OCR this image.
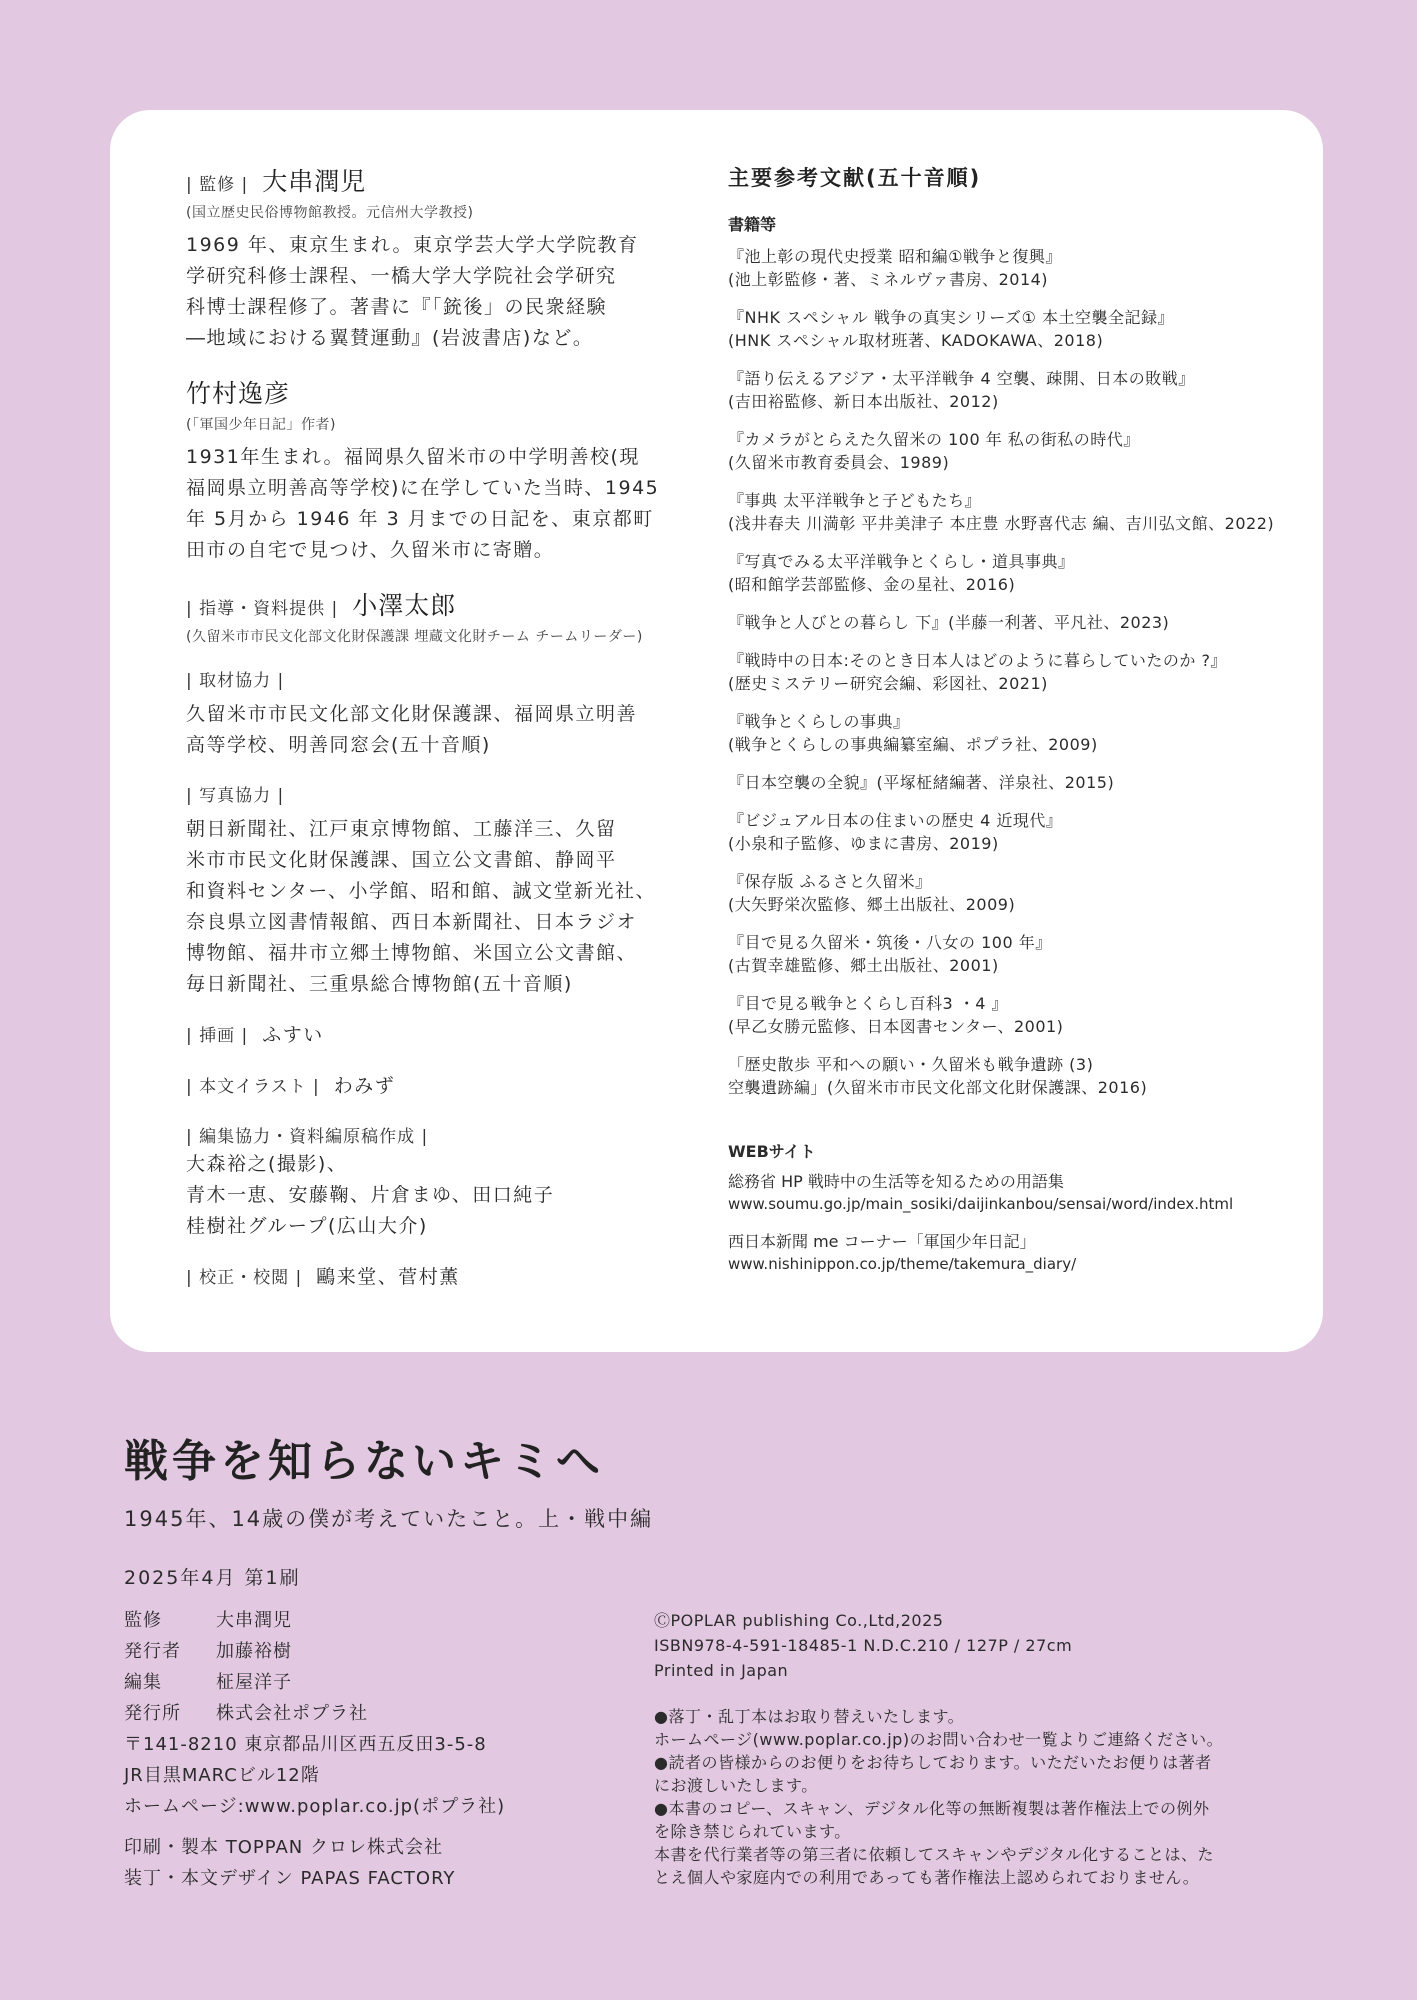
| 監修 | 大串潤児
(国立歴史民俗博物館教授。元信州大学教授)
1969 年、東京生まれ。東京学芸大学大学院教育
学研究科修士課程、一橋大学大学院社会学研究
科博士課程修了。著書に『「銃後」の民衆経験
―地域における翼賛運動』(岩波書店)など。
竹村逸彦
(「軍国少年日記」作者)
1931年生まれ。福岡県久留米市の中学明善校(現
福岡県立明善高等学校)に在学していた当時、1945
年 5月から 1946 年 3 月までの日記を、東京都町
田市の自宅で見つけ、久留米市に寄贈。
| 指導・資料提供 | 小澤太郎
(久留米市市民文化部文化財保護課 埋蔵文化財チーム チームリーダー)
| 取材協力 |
久留米市市民文化部文化財保護課、福岡県立明善
高等学校、明善同窓会(五十音順)
| 写真協力 |
朝日新聞社、江戸東京博物館、工藤洋三、久留
米市市民文化財保護課、国立公文書館、静岡平
和資料センター、小学館、昭和館、誠文堂新光社、
奈良県立図書情報館、西日本新聞社、日本ラジオ
博物館、福井市立郷土博物館、米国立公文書館、
毎日新聞社、三重県総合博物館(五十音順)
| 挿画 | ふすい
| 本文イラスト | わみず
| 編集協力・資料編原稿作成 |
大森裕之(撮影)、
青木一恵、安藤鞠、片倉まゆ、田口純子
桂樹社グループ(広山大介)
| 校正・校閲 | 鷗来堂、菅村薫
主要参考文献(五十音順)
書籍等
『池上彰の現代史授業 昭和編①戦争と復興』
(池上彰監修・著、ミネルヴァ書房、2014)
『NHK スペシャル 戦争の真実シリーズ① 本土空襲全記録』
(HNK スペシャル取材班著、KADOKAWA、2018)
『語り伝えるアジア・太平洋戦争 4 空襲、疎開、日本の敗戦』
(吉田裕監修、新日本出版社、2012)
『カメラがとらえた久留米の 100 年 私の街私の時代』
(久留米市教育委員会、1989)
『事典 太平洋戦争と子どもたち』
(浅井春夫 川満彰 平井美津子 本庄豊 水野喜代志 編、吉川弘文館、2022)
『写真でみる太平洋戦争とくらし・道具事典』
(昭和館学芸部監修、金の星社、2016)
『戦争と人びとの暮らし 下』(半藤一利著、平凡社、2023)
『戦時中の日本:そのとき日本人はどのように暮らしていたのか ?』
(歴史ミステリー研究会編、彩図社、2021)
『戦争とくらしの事典』
(戦争とくらしの事典編纂室編、ポプラ社、2009)
『日本空襲の全貌』(平塚柾緒編著、洋泉社、2015)
『ビジュアル日本の住まいの歴史 4 近現代』
(小泉和子監修、ゆまに書房、2019)
『保存版 ふるさと久留米』
(大矢野栄次監修、郷土出版社、2009)
『目で見る久留米・筑後・八女の 100 年』
(古賀幸雄監修、郷土出版社、2001)
『目で見る戦争とくらし百科3 ・4 』
(早乙女勝元監修、日本図書センター、2001)
「歴史散歩 平和への願い・久留米も戦争遺跡 (3)
空襲遺跡編」(久留米市市民文化部文化財保護課、2016)
WEBサイト
総務省 HP 戦時中の生活等を知るための用語集
www.soumu.go.jp/main_sosiki/daijinkanbou/sensai/word/index.html
西日本新聞 me コーナー「軍国少年日記」
www.nishinippon.co.jp/theme/takemura_diary/
戦争を知らないキミへ
1945年、14歳の僕が考えていたこと。上・戦中編
2025年4月 第1刷
監修	大串潤児
発行者	加藤裕樹
編集	柾屋洋子
発行所	株式会社ポプラ社
〒141-8210 東京都品川区西五反田3-5-8
JR目黒MARCビル12階
ホームページ:www.poplar.co.jp(ポプラ社)
印刷・製本 TOPPAN クロレ株式会社
装丁・本文デザイン PAPAS FACTORY
ⒸPOPLAR publishing Co.,Ltd,2025
ISBN978-4-591-18485-1 N.D.C.210 / 127P / 27cm
Printed in Japan
●落丁・乱丁本はお取り替えいたします。
ホームページ(www.poplar.co.jp)のお問い合わせ一覧よりご連絡ください。
●読者の皆様からのお便りをお待ちしております。いただいたお便りは著者
にお渡しいたします。
●本書のコピー、スキャン、デジタル化等の無断複製は著作権法上での例外
を除き禁じられています。
本書を代行業者等の第三者に依頼してスキャンやデジタル化することは、た
とえ個人や家庭内での利用であっても著作権法上認められておりません。
